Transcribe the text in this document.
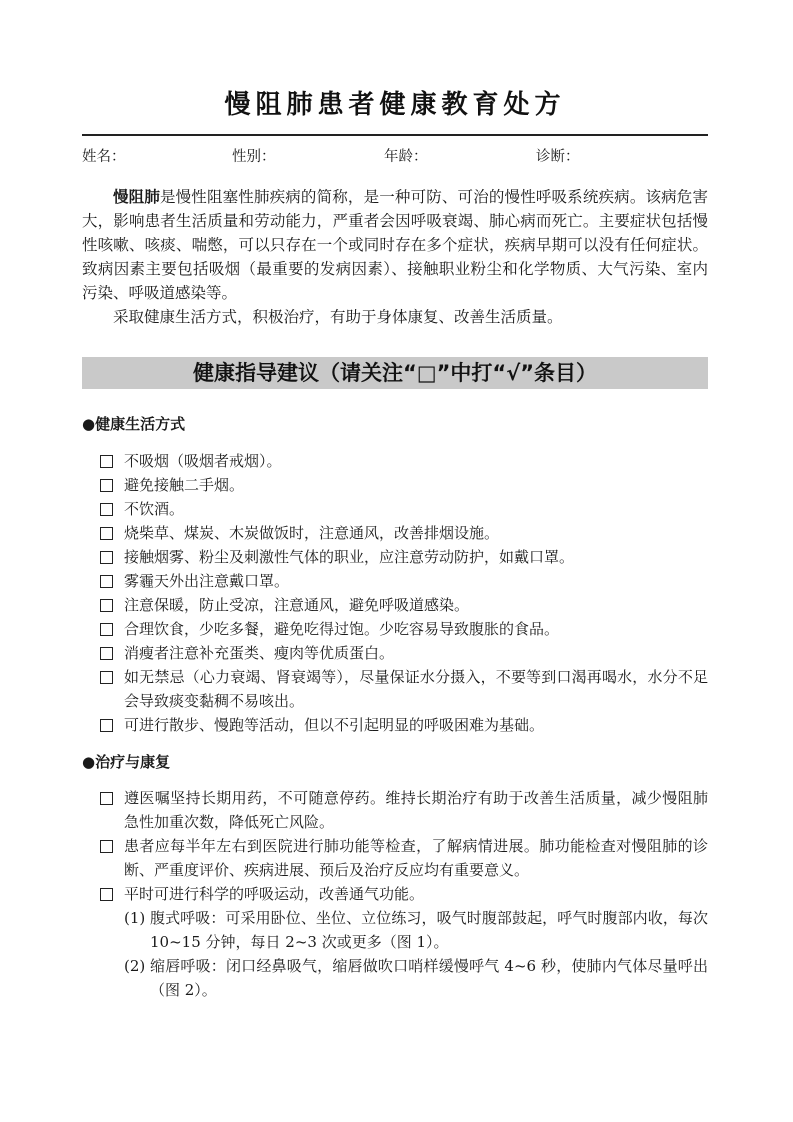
慢阻肺患者健康教育处方
姓名：	性别：	年龄：	诊断：

慢阻肺是慢性阻塞性肺疾病的简称，是一种可防、可治的慢性呼吸系统疾病。该病危害大，影响患者生活质量和劳动能力，严重者会因呼吸衰竭、肺心病而死亡。主要症状包括慢性咳嗽、咳痰、喘憋，可以只存在一个或同时存在多个症状，疾病早期可以没有任何症状。致病因素主要包括吸烟（最重要的发病因素）、接触职业粉尘和化学物质、大气污染、室内污染、呼吸道感染等。

采取健康生活方式，积极治疗，有助于身体康复、改善生活质量。

健康指导建议（请关注“□”中打“√”条目）
●健康生活方式
不吸烟（吸烟者戒烟）。
避免接触二手烟。
不饮酒。
烧柴草、煤炭、木炭做饭时，注意通风，改善排烟设施。
接触烟雾、粉尘及刺激性气体的职业，应注意劳动防护，如戴口罩。
雾霾天外出注意戴口罩。
注意保暖，防止受凉，注意通风，避免呼吸道感染。
合理饮食，少吃多餐，避免吃得过饱。少吃容易导致腹胀的食品。
消瘦者注意补充蛋类、瘦肉等优质蛋白。
如无禁忌（心力衰竭、肾衰竭等），尽量保证水分摄入，不要等到口渴再喝水，水分不足会导致痰变黏稠不易咳出。
可进行散步、慢跑等活动，但以不引起明显的呼吸困难为基础。
●治疗与康复
遵医嘱坚持长期用药，不可随意停药。维持长期治疗有助于改善生活质量，减少慢阻肺急性加重次数，降低死亡风险。
患者应每半年左右到医院进行肺功能等检查，了解病情进展。肺功能检查对慢阻肺的诊断、严重度评价、疾病进展、预后及治疗反应均有重要意义。
平时可进行科学的呼吸运动，改善通气功能。
(1) 腹式呼吸：可采用卧位、坐位、立位练习，吸气时腹部鼓起，呼气时腹部内收，每次10~15 分钟，每日 2~3 次或更多（图 1）。
(2) 缩唇呼吸：闭口经鼻吸气，缩唇做吹口哨样缓慢呼气 4~6 秒，使肺内气体尽量呼出（图 2）。
